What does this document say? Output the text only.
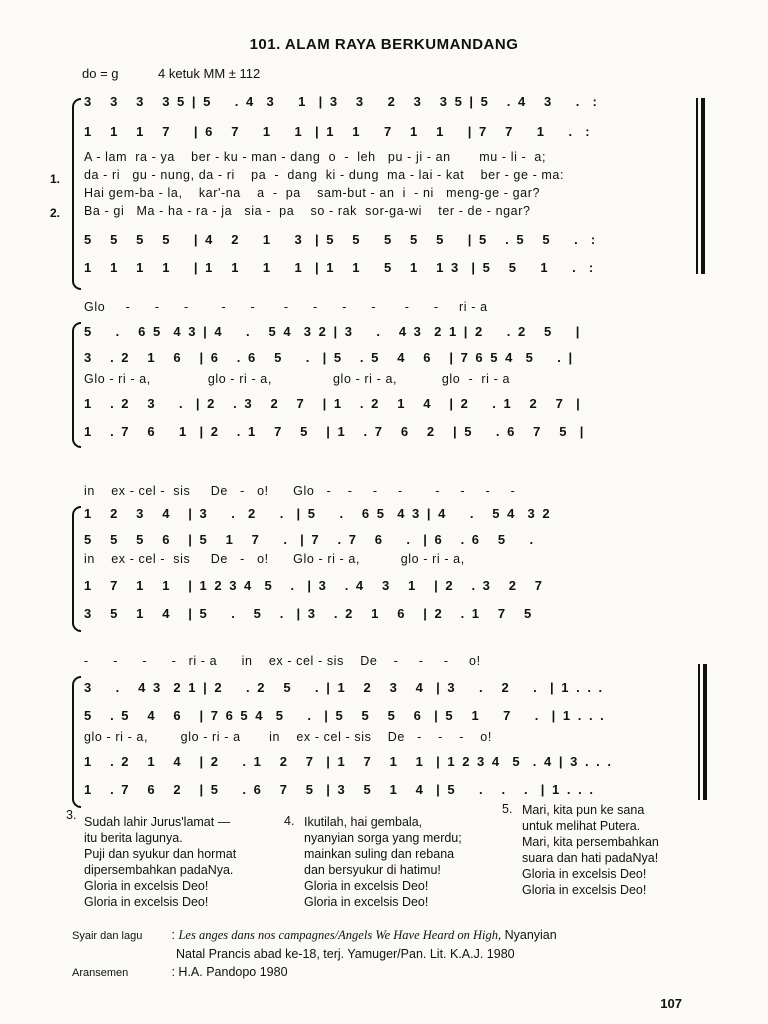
101. ALAM RAYA BERKUMANDANG
do = g	4 ketuk MM ± 112
1.
2.
3   3   3   3 5 | 5    . 4  3    1  | 3   3    2   3   3 5 | 5   . 4   3    .  :
1   1   1   7    | 6   7    1    1  | 1   1    7   1   1    | 7   7    1    .  :
A - lam  ra - ya    ber - ku - man - dang  o  -  leh   pu - ji - an       mu - li -  a;
da - ri   gu - nung, da - ri    pa  -  dang  ki - dung  ma - lai - kat    ber - ge - ma:
Hai gem-ba - la,    kar'-na    a  -  pa    sam-but - an  i  - ni   meng-ge - gar?
Ba - gi   Ma - ha - ra - ja   sia -  pa    so - rak  sor-ga-wi    ter - de - ngar?
5   5   5   5    | 4   2    1    3  | 5   5    5   5   5    | 5   . 5   5    .  :
1   1   1   1    | 1   1    1    1  | 1   1    5   1   1 3  | 5   5    1    .  :
Glo     -      -      -        -      -       -      -      -      -       -      -     ri - a
5    .   6 5  4 3 | 4    .   5 4  3 2 | 3    .   4 3  2 1 | 2    . 2   5    |
3   . 2   1   6   | 6   . 6   5    .  | 5   . 5   4   6   | 7 6 5 4  5    . |
Glo - ri - a,              glo - ri - a,               glo - ri - a,           glo  -  ri - a
1   . 2   3    .  | 2   . 3   2   7   | 1   . 2   1   4   | 2    . 1   2   7  |
1   . 7   6    1  | 2   . 1   7   5   | 1   . 7   6   2   | 5    . 6   7   5  |
in    ex - cel -  sis     De   -   o!      Glo   -    -     -     -        -     -     -     -
1   2   3   4   | 3    .  2    .  | 5    .   6 5  4 3 | 4    .   5 4  3 2
5   5   5   6   | 5   1   7    .  | 7   . 7   6    .  | 6   . 6   5    .
in    ex - cel -  sis     De   -   o!      Glo - ri - a,          glo - ri - a,
1   7   1   1   | 1 2 3 4  5   .  | 3   . 4   3   1   | 2   . 3   2   7
3   5   1   4   | 5    .   5   .  | 3   . 2   1   6   | 2   . 1   7   5
-      -      -      -   ri - a      in    ex - cel - sis    De    -     -     -     o!
3    .   4 3  2 1 | 2    . 2   5    . | 1   2   3   4  | 3    .   2    .  | 1 . . .
5   . 5   4   6   | 7 6 5 4  5    .  | 5   5   5   6  | 5   1    7    .  | 1 . . .
glo - ri - a,        glo - ri - a       in    ex - cel - sis    De   -    -    -    o!
1   . 2   1   4   | 2    . 1   2   7  | 1   7   1   1  | 1 2 3 4  5  . 4 | 3 . . .
1   . 7   6   2   | 5    . 6   7   5  | 3   5   1   4  | 5    .   .   .  | 1 . . .
3. Sudah lahir Jurus'lamat —
itu berita lagunya.
Puji dan syukur dan hormat
dipersembahkan padaNya.
Gloria in excelsis Deo!
Gloria in excelsis Deo!
4. Ikutilah, hai gembala,
nyanyian sorga yang merdu;
mainkan suling dan rebana
dan bersyukur di hatimu!
Gloria in excelsis Deo!
Gloria in excelsis Deo!
5. Mari, kita pun ke sana
untuk melihat Putera.
Mari, kita persembahkan
suara dan hati padaNya!
Gloria in excelsis Deo!
Gloria in excelsis Deo!
Syair dan lagu : Les anges dans nos campagnes/Angels We Have Heard on High, Nyanyian
Natal Prancis abad ke-18, terj. Yamuger/Pan. Lit. K.A.J. 1980
Aransemen	: H.A. Pandopo 1980
107
